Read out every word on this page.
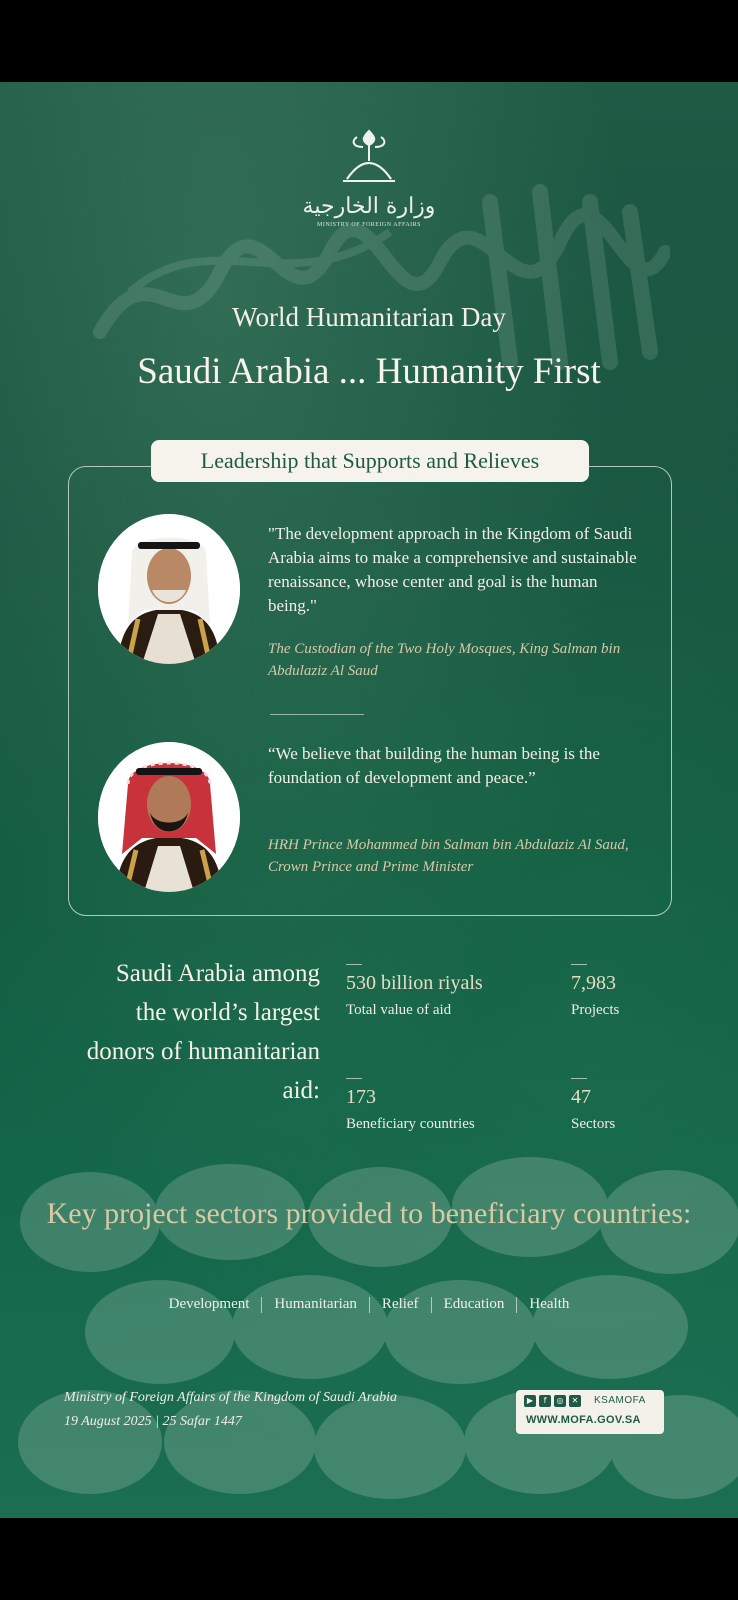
وزارة الخارجية
MINISTRY OF FOREIGN AFFAIRS
World Humanitarian Day
Saudi Arabia ... Humanity First
Leadership that Supports and Relieves
"The development approach in the Kingdom of Saudi Arabia aims to make a comprehensive and sustainable renaissance, whose center and goal is the human being."
The Custodian of the Two Holy Mosques, King Salman bin Abdulaziz Al Saud
“We believe that building the human being is the foundation of development and peace.”
HRH Prince Mohammed bin Salman bin Abdulaziz Al Saud, Crown Prince and Prime Minister
Saudi Arabia among the world’s largest donors of humanitarian aid:
530 billion riyals
Total value of aid
7,983
Projects
173
Beneficiary countries
47
Sectors
Key project sectors provided to beneficiary countries:
Development Humanitarian Relief Education Health
Ministry of Foreign Affairs of the Kingdom of Saudi Arabia
19 August 2025 | 25 Safar 1447
▶	f	◎	✕ KSAMOFA
WWW.MOFA.GOV.SA
